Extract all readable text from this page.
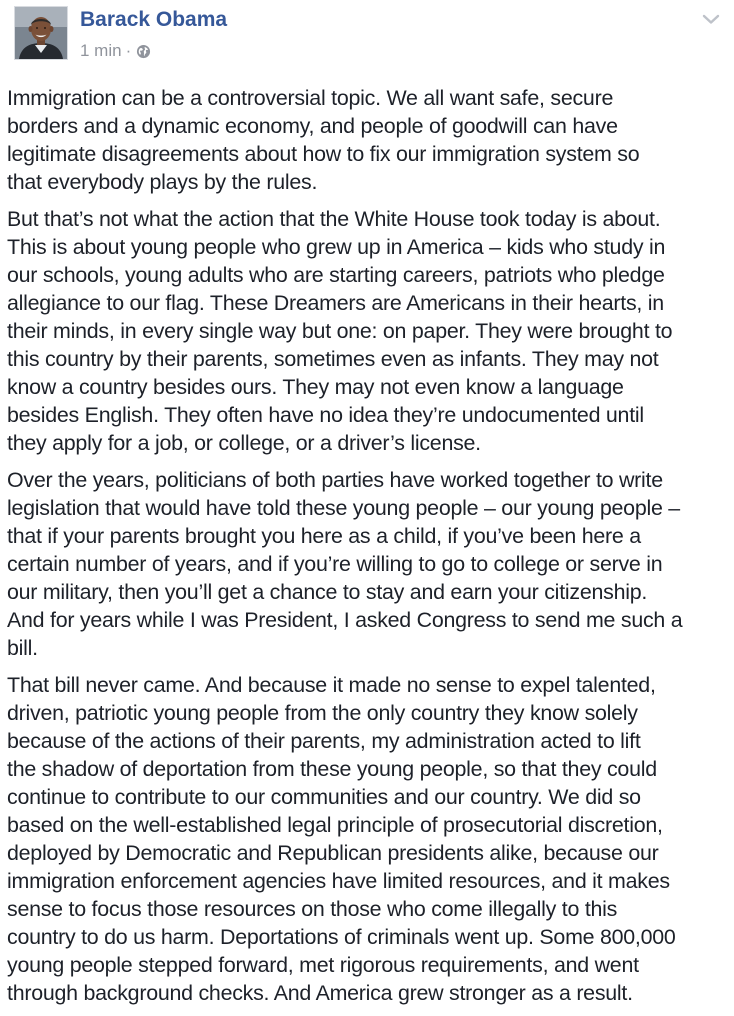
Barack Obama
1 min ·

Immigration can be a controversial topic. We all want safe, secure
borders and a dynamic economy, and people of goodwill can have
legitimate disagreements about how to fix our immigration system so
that everybody plays by the rules.

But that’s not what the action that the White House took today is about.
This is about young people who grew up in America – kids who study in
our schools, young adults who are starting careers, patriots who pledge
allegiance to our flag. These Dreamers are Americans in their hearts, in
their minds, in every single way but one: on paper. They were brought to
this country by their parents, sometimes even as infants. They may not
know a country besides ours. They may not even know a language
besides English. They often have no idea they’re undocumented until
they apply for a job, or college, or a driver’s license.

Over the years, politicians of both parties have worked together to write
legislation that would have told these young people – our young people –
that if your parents brought you here as a child, if you’ve been here a
certain number of years, and if you’re willing to go to college or serve in
our military, then you’ll get a chance to stay and earn your citizenship.
And for years while I was President, I asked Congress to send me such a
bill.

That bill never came. And because it made no sense to expel talented,
driven, patriotic young people from the only country they know solely
because of the actions of their parents, my administration acted to lift
the shadow of deportation from these young people, so that they could
continue to contribute to our communities and our country. We did so
based on the well-established legal principle of prosecutorial discretion,
deployed by Democratic and Republican presidents alike, because our
immigration enforcement agencies have limited resources, and it makes
sense to focus those resources on those who come illegally to this
country to do us harm. Deportations of criminals went up. Some 800,000
young people stepped forward, met rigorous requirements, and went
through background checks. And America grew stronger as a result.
